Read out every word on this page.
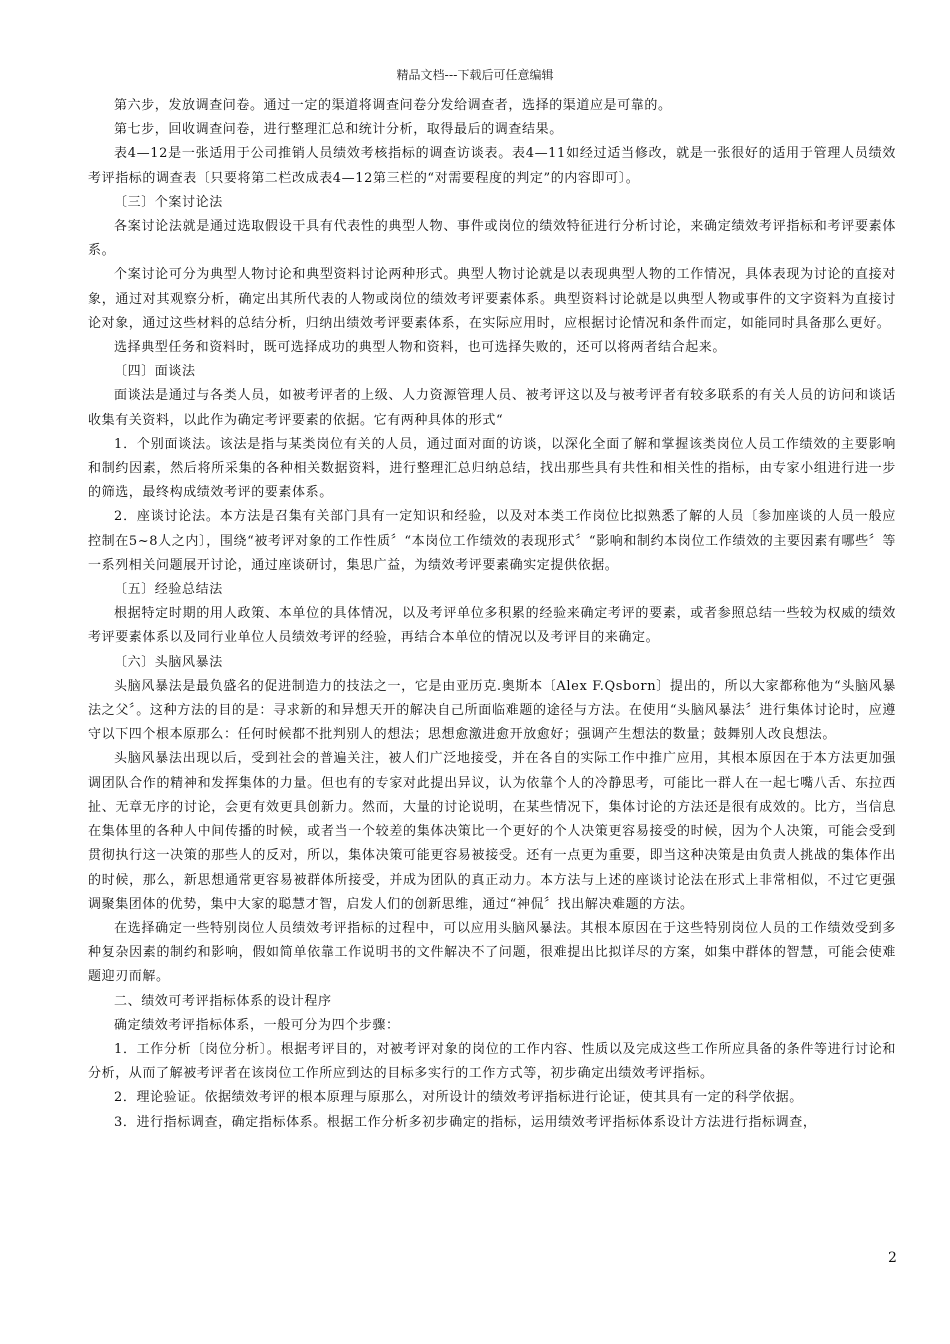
精品文档---下载后可任意编辑

第六步，发放调查问卷。通过一定的渠道将调查问卷分发给调查者，选择的渠道应是可靠的。

第七步，回收调查问卷，进行整理汇总和统计分析，取得最后的调查结果。

表4—12是一张适用于公司推销人员绩效考核指标的调查访谈表。表4—11如经过适当修改，就是一张很好的适用于管理人员绩效考评指标的调查表〔只要将第二栏改成表4—12第三栏的“对需要程度的判定”的内容即可〕。

〔三〕个案讨论法

各案讨论法就是通过选取假设干具有代表性的典型人物、事件或岗位的绩效特征进行分析讨论，来确定绩效考评指标和考评要素体系。

个案讨论可分为典型人物讨论和典型资料讨论两种形式。典型人物讨论就是以表现典型人物的工作情况，具体表现为讨论的直接对象，通过对其观察分析，确定出其所代表的人物或岗位的绩效考评要素体系。典型资料讨论就是以典型人物或事件的文字资料为直接讨论对象，通过这些材料的总结分析，归纳出绩效考评要素体系，在实际应用时，应根据讨论情况和条件而定，如能同时具备那么更好。

选择典型任务和资料时，既可选择成功的典型人物和资料，也可选择失败的，还可以将两者结合起来。

〔四〕面谈法

面谈法是通过与各类人员，如被考评者的上级、人力资源管理人员、被考评这以及与被考评者有较多联系的有关人员的访问和谈话收集有关资料，以此作为确定考评要素的依据。它有两种具体的形式“

1．个别面谈法。该法是指与某类岗位有关的人员，通过面对面的访谈，以深化全面了解和掌握该类岗位人员工作绩效的主要影响和制约因素，然后将所采集的各种相关数据资料，进行整理汇总归纳总结，找出那些具有共性和相关性的指标，由专家小组进行进一步的筛选，最终构成绩效考评的要素体系。

2．座谈讨论法。本方法是召集有关部门具有一定知识和经验，以及对本类工作岗位比拟熟悉了解的人员〔参加座谈的人员一般应控制在5~8人之内〕，围绕“被考评对象的工作性质〞“本岗位工作绩效的表现形式〞“影响和制约本岗位工作绩效的主要因素有哪些〞等一系列相关问题展开讨论，通过座谈研讨，集思广益，为绩效考评要素确实定提供依据。

〔五〕经验总结法

根据特定时期的用人政策、本单位的具体情况，以及考评单位多积累的经验来确定考评的要素，或者参照总结一些较为权威的绩效考评要素体系以及同行业单位人员绩效考评的经验，再结合本单位的情况以及考评目的来确定。

〔六〕头脑风暴法

头脑风暴法是最负盛名的促进制造力的技法之一，它是由亚历克.奥斯本〔Alex F.Qsborn〕提出的，所以大家都称他为“头脑风暴法之父〞。这种方法的目的是：寻求新的和异想天开的解决自己所面临难题的途径与方法。在使用“头脑风暴法〞进行集体讨论时，应遵守以下四个根本原那么：任何时候都不批判别人的想法；思想愈激进愈开放愈好；强调产生想法的数量；鼓舞别人改良想法。

头脑风暴法出现以后，受到社会的普遍关注，被人们广泛地接受，并在各自的实际工作中推广应用，其根本原因在于本方法更加强调团队合作的精神和发挥集体的力量。但也有的专家对此提出异议，认为依靠个人的冷静思考，可能比一群人在一起七嘴八舌、东拉西扯、无章无序的讨论，会更有效更具创新力。然而，大量的讨论说明，在某些情况下，集体讨论的方法还是很有成效的。比方，当信息在集体里的各种人中间传播的时候，或者当一个较差的集体决策比一个更好的个人决策更容易接受的时候，因为个人决策，可能会受到贯彻执行这一决策的那些人的反对，所以，集体决策可能更容易被接受。还有一点更为重要，即当这种决策是由负责人挑战的集体作出的时候，那么，新思想通常更容易被群体所接受，并成为团队的真正动力。本方法与上述的座谈讨论法在形式上非常相似，不过它更强调聚集团体的优势，集中大家的聪慧才智，启发人们的创新思维，通过“神侃〞找出解决难题的方法。

在选择确定一些特别岗位人员绩效考评指标的过程中，可以应用头脑风暴法。其根本原因在于这些特别岗位人员的工作绩效受到多种复杂因素的制约和影响，假如简单依靠工作说明书的文件解决不了问题，很难提出比拟详尽的方案，如集中群体的智慧，可能会使难题迎刃而解。

二、绩效可考评指标体系的设计程序

确定绩效考评指标体系，一般可分为四个步骤：

1．工作分析〔岗位分析〕。根据考评目的，对被考评对象的岗位的工作内容、性质以及完成这些工作所应具备的条件等进行讨论和分析，从而了解被考评者在该岗位工作所应到达的目标多实行的工作方式等，初步确定出绩效考评指标。

2．理论验证。依据绩效考评的根本原理与原那么，对所设计的绩效考评指标进行论证，使其具有一定的科学依据。

3．进行指标调查，确定指标体系。根据工作分析多初步确定的指标，运用绩效考评指标体系设计方法进行指标调查，

2
